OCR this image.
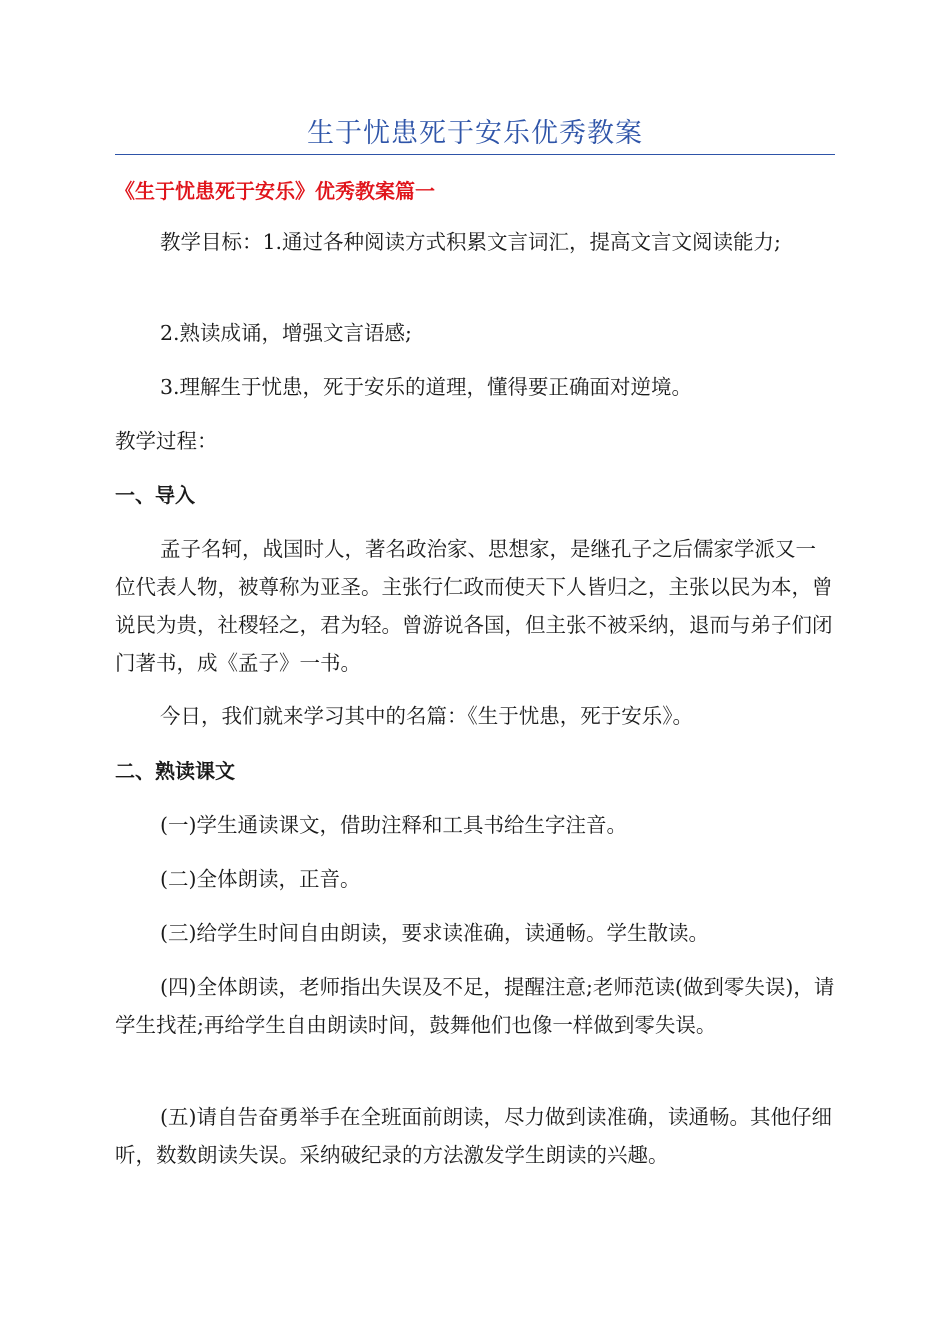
生于忧患死于安乐优秀教案
《生于忧患死于安乐》优秀教案篇一

教学目标：1.通过各种阅读方式积累文言词汇，提高文言文阅读能力;

2.熟读成诵，增强文言语感;

3.理解生于忧患，死于安乐的道理，懂得要正确面对逆境。

教学过程：

一、导入

孟子名轲，战国时人，著名政治家、思想家，是继孔子之后儒家学派又一位代表人物，被尊称为亚圣。主张行仁政而使天下人皆归之，主张以民为本，曾说民为贵，社稷轻之，君为轻。曾游说各国，但主张不被采纳，退而与弟子们闭门著书，成《孟子》一书。

今日，我们就来学习其中的名篇：《生于忧患，死于安乐》。

二、熟读课文

(一)学生通读课文，借助注释和工具书给生字注音。

(二)全体朗读，正音。

(三)给学生时间自由朗读，要求读准确，读通畅。学生散读。

(四)全体朗读，老师指出失误及不足，提醒注意;老师范读(做到零失误)，请学生找茬;再给学生自由朗读时间，鼓舞他们也像一样做到零失误。

(五)请自告奋勇举手在全班面前朗读，尽力做到读准确，读通畅。其他仔细听，数数朗读失误。采纳破纪录的方法激发学生朗读的兴趣。
